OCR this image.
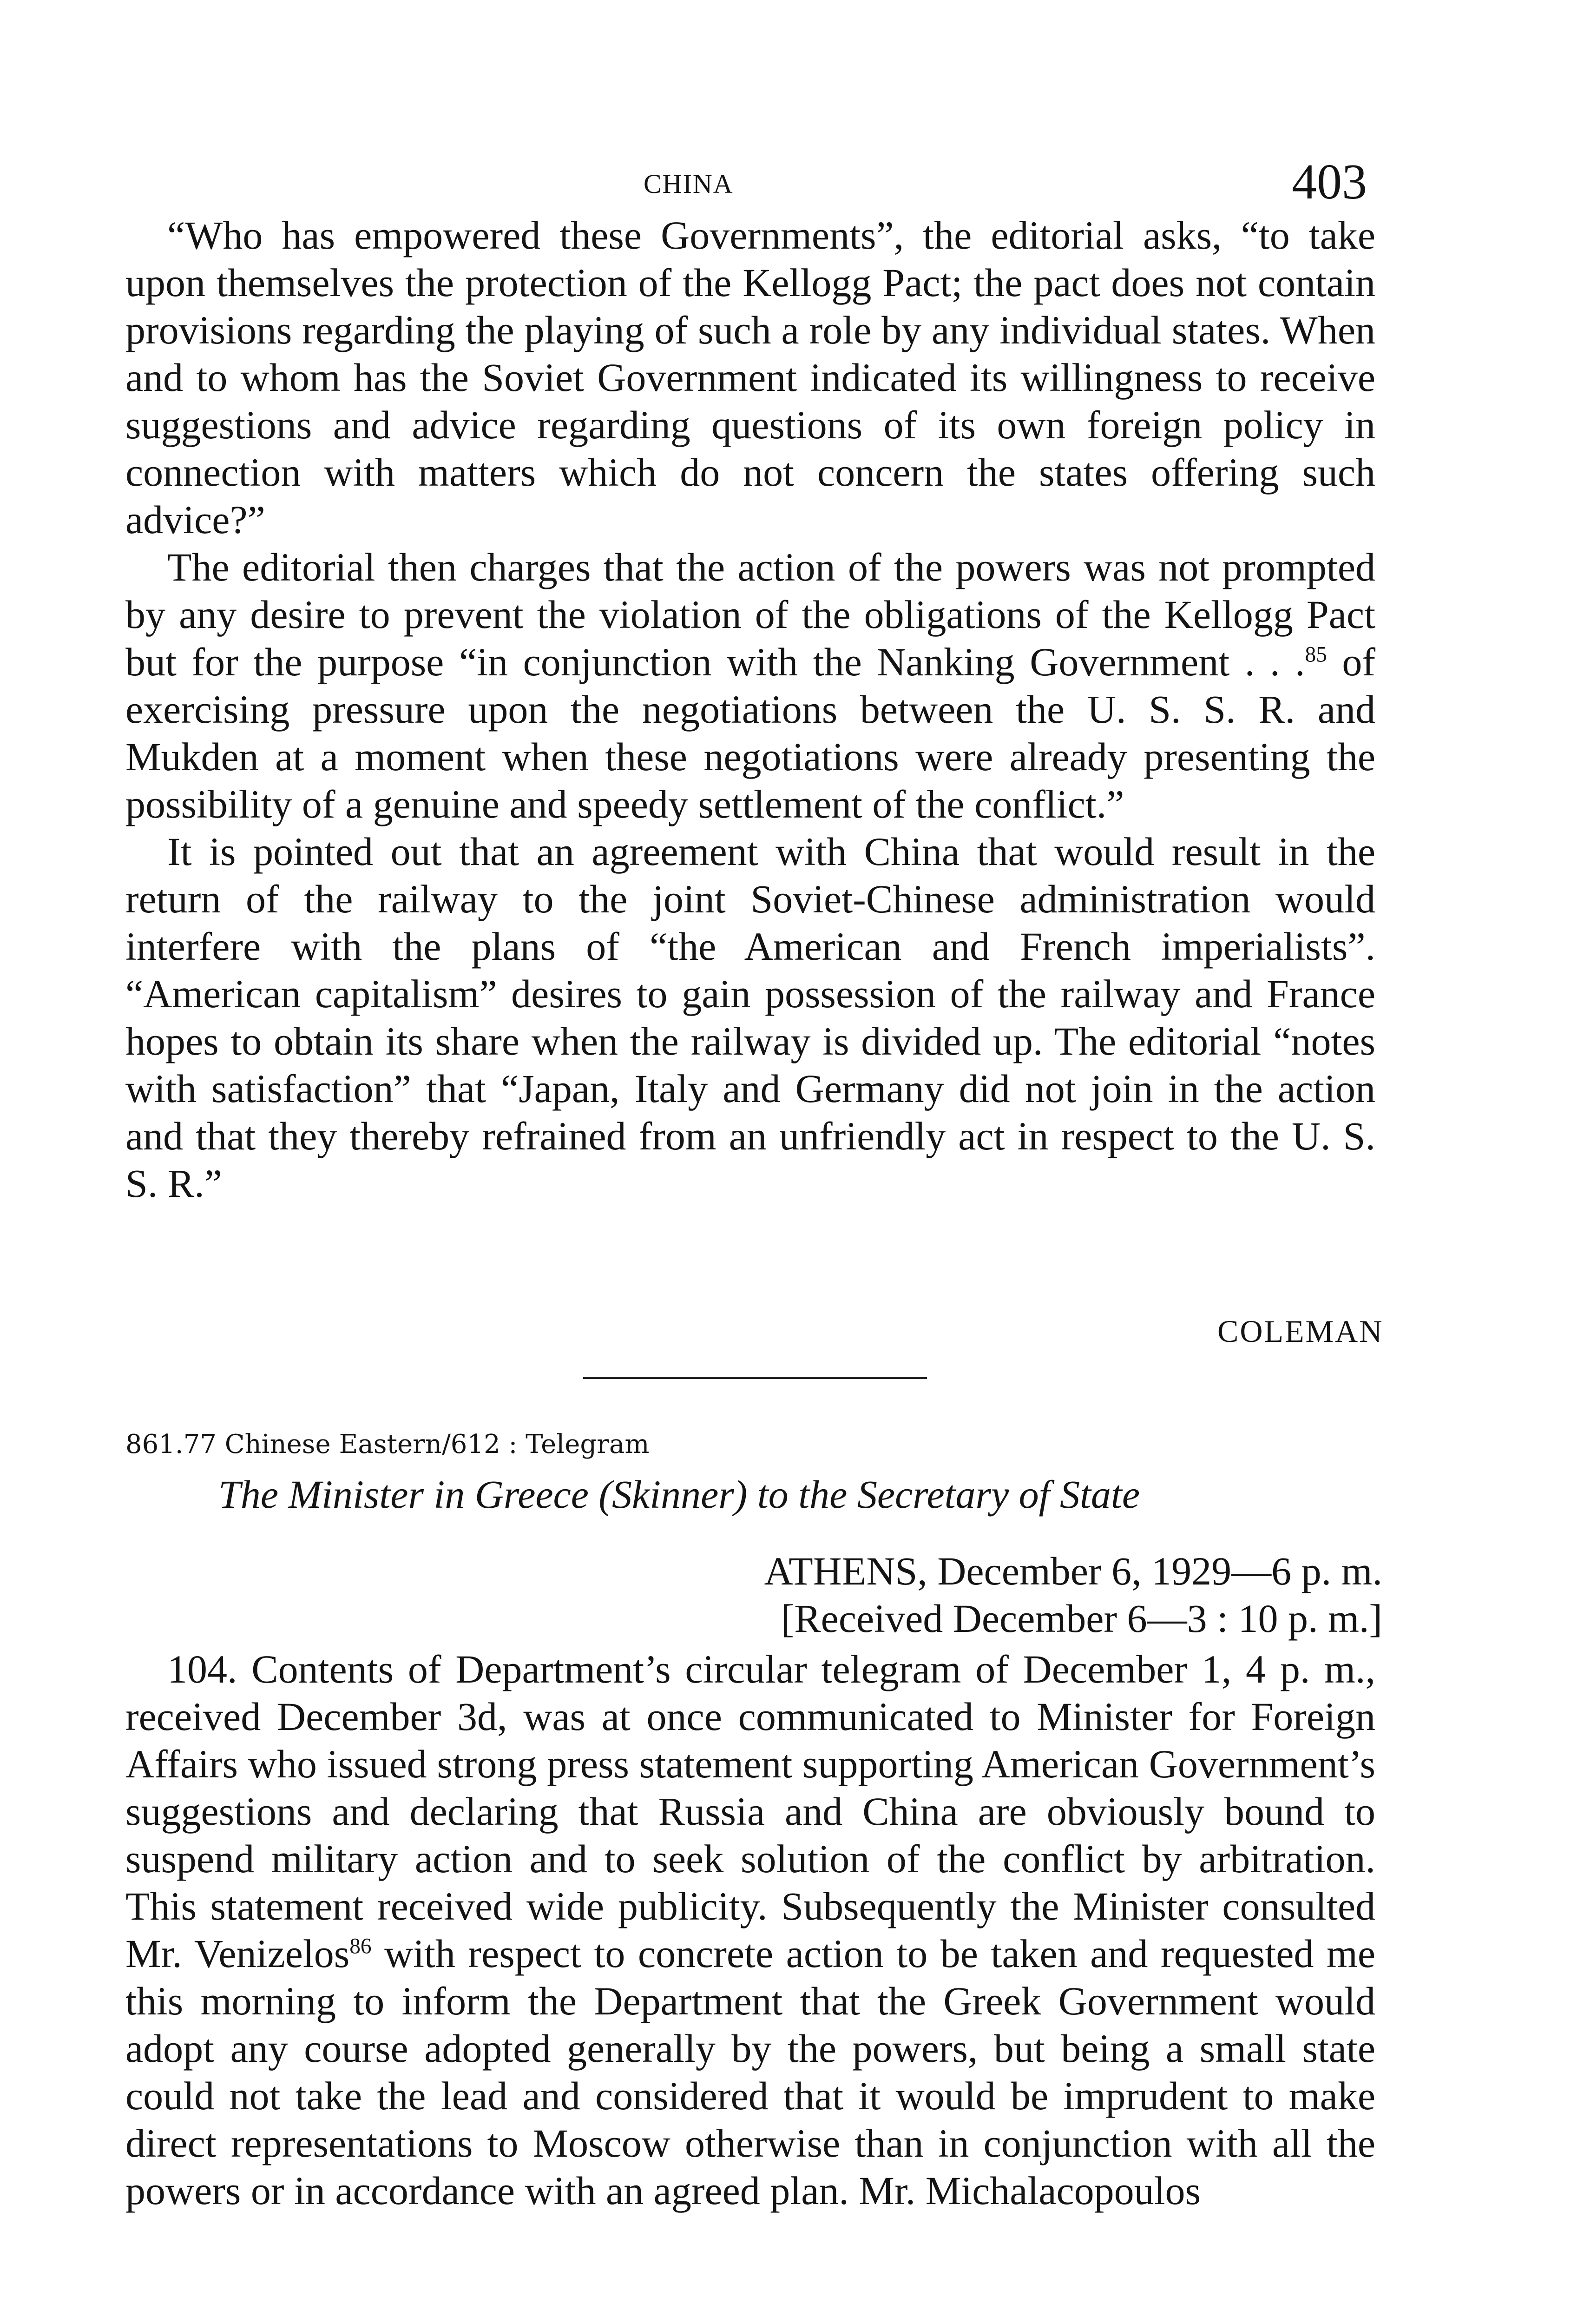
CHINA	403

“Who has empowered these Governments”, the editorial asks, “to take upon themselves the protection of the Kellogg Pact; the pact does not contain provisions regarding the playing of such a role by any individual states. When and to whom has the Soviet Government indicated its willingness to receive suggestions and advice regarding questions of its own foreign policy in connection with matters which do not concern the states offering such advice?”

The editorial then charges that the action of the powers was not prompted by any desire to prevent the violation of the obligations of the Kellogg Pact but for the purpose “in conjunction with the Nanking Government . . .$^{85}$ of exercising pressure upon the negotiations between the U. S. S. R. and Mukden at a moment when these negotiations were already presenting the possibility of a genuine and speedy settlement of the conflict.”

It is pointed out that an agreement with China that would result in the return of the railway to the joint Soviet-Chinese administration would interfere with the plans of “the American and French imperialists”. “American capitalism” desires to gain possession of the railway and France hopes to obtain its share when the railway is divided up. The editorial “notes with satisfaction” that “Japan, Italy and Germany did not join in the action and that they thereby refrained from an unfriendly act in respect to the U. S. S. R.”

COLEMAN
861.77 Chinese Eastern/612 : Telegram
The Minister in Greece (Skinner) to the Secretary of State
ATHENS, December 6, 1929—6 p. m.
[Received December 6—3 : 10 p. m.]

104. Contents of Department’s circular telegram of December 1, 4 p. m., received December 3d, was at once communicated to Minister for Foreign Affairs who issued strong press statement supporting American Government’s suggestions and declaring that Russia and China are obviously bound to suspend military action and to seek solution of the conflict by arbitration. This statement received wide publicity. Subsequently the Minister consulted Mr. Venizelos$^{86}$ with respect to concrete action to be taken and requested me this morning to inform the Department that the Greek Government would adopt any course adopted generally by the powers, but being a small state could not take the lead and considered that it would be imprudent to make direct representations to Moscow otherwise than in conjunction with all the powers or in accordance with an agreed plan. Mr. Michalacopoulos
